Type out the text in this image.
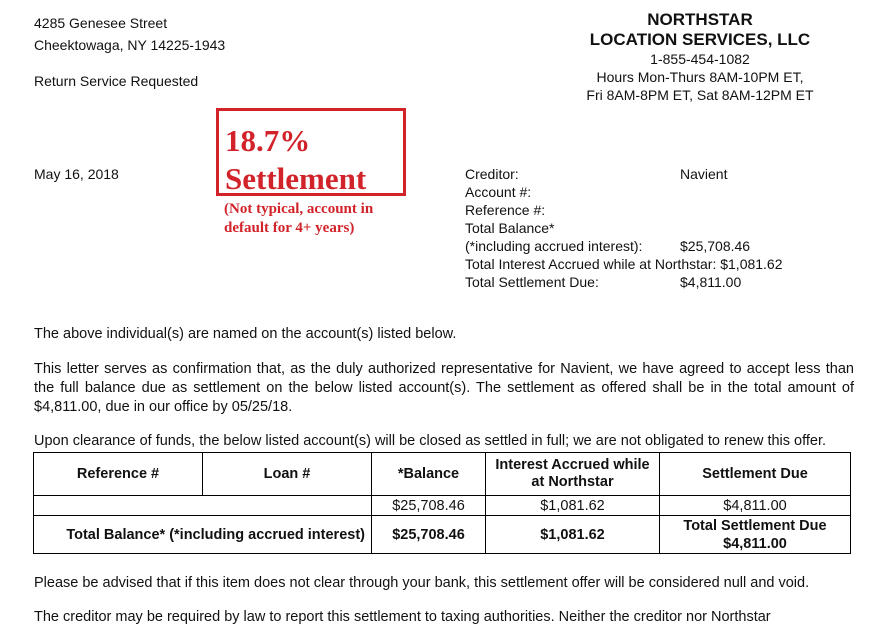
4285 Genesee Street
Cheektowaga, NY 14225-1943
Return Service Requested
NORTHSTAR
LOCATION SERVICES, LLC
1-855-454-1082
Hours Mon-Thurs 8AM-10PM ET,
Fri 8AM-8PM ET, Sat 8AM-12PM ET
May 16, 2018
18.7%
Settlement
(Not typical, account in
default for 4+ years)
Creditor:	Navient
Account #:
Reference #:
Total Balance*
(*including accrued interest):	$25,708.46
Total Interest Accrued while at Northstar: $1,081.62
Total Settlement Due:	$4,811.00
The above individual(s) are named on the account(s) listed below.
This letter serves as confirmation that, as the duly authorized representative for Navient, we have agreed to accept less than the full balance due as settlement on the below listed account(s). The settlement as offered shall be in the total amount of $4,811.00, due in our office by 05/25/18.
Upon clearance of funds, the below listed account(s) will be closed as settled in full; we are not obligated to renew this offer.
Reference #	Loan #	*Balance	Interest Accrued while at Northstar	Settlement Due
		$25,708.46	$1,081.62	$4,811.00
Total Balance* (*including accrued interest)		$25,708.46	$1,081.62	Total Settlement Due
$4,811.00
Please be advised that if this item does not clear through your bank, this settlement offer will be considered null and void.
The creditor may be required by law to report this settlement to taxing authorities. Neither the creditor nor Northstar
